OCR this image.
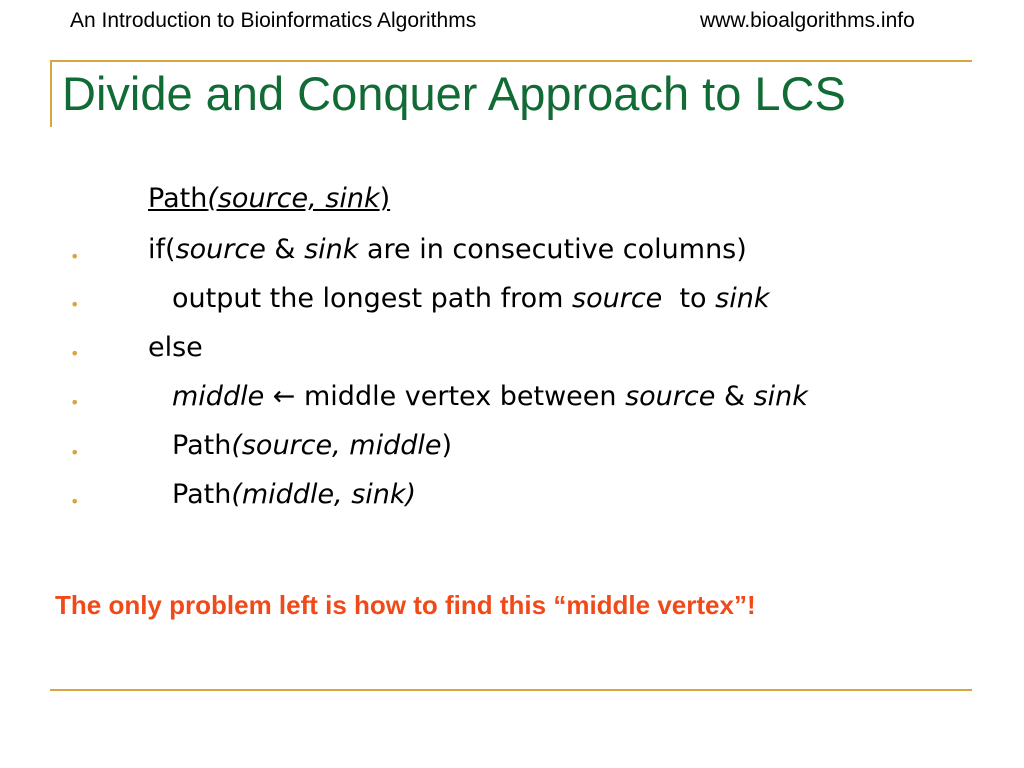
An Introduction to Bioinformatics Algorithms	www.bioalgorithms.info
Divide and Conquer Approach to LCS
Path(source, sink)
•	if(source & sink are in consecutive columns)
•	output the longest path from source  to sink
•	else
•	middle ← middle vertex between source & sink
•	Path(source, middle)
•	Path(middle, sink)
The only problem left is how to find this “middle vertex”!
